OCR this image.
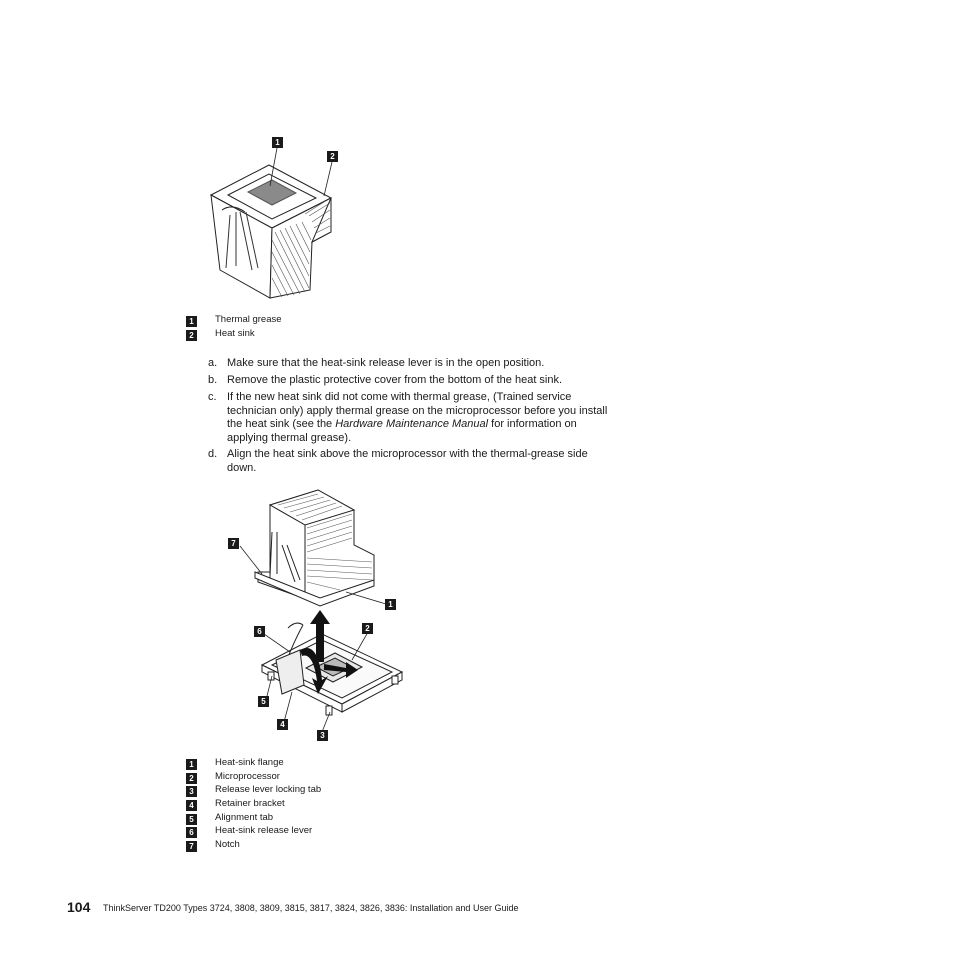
1
2
1	Thermal grease
2	Heat sink
a. Make sure that the heat-sink release lever is in the open position.
b. Remove the plastic protective cover from the bottom of the heat sink.
c. If the new heat sink did not come with thermal grease, (Trained service technician only) apply thermal grease on the microprocessor before you install the heat sink (see the Hardware Maintenance Manual for information on applying thermal grease).
d. Align the heat sink above the microprocessor with the thermal-grease side down.
7
1
6	2
5
4
3
1	Heat-sink flange
2	Microprocessor
3	Release lever locking tab
4	Retainer bracket
5	Alignment tab
6	Heat-sink release lever
7	Notch
104 ThinkServer TD200 Types 3724, 3808, 3809, 3815, 3817, 3824, 3826, 3836: Installation and User Guide
